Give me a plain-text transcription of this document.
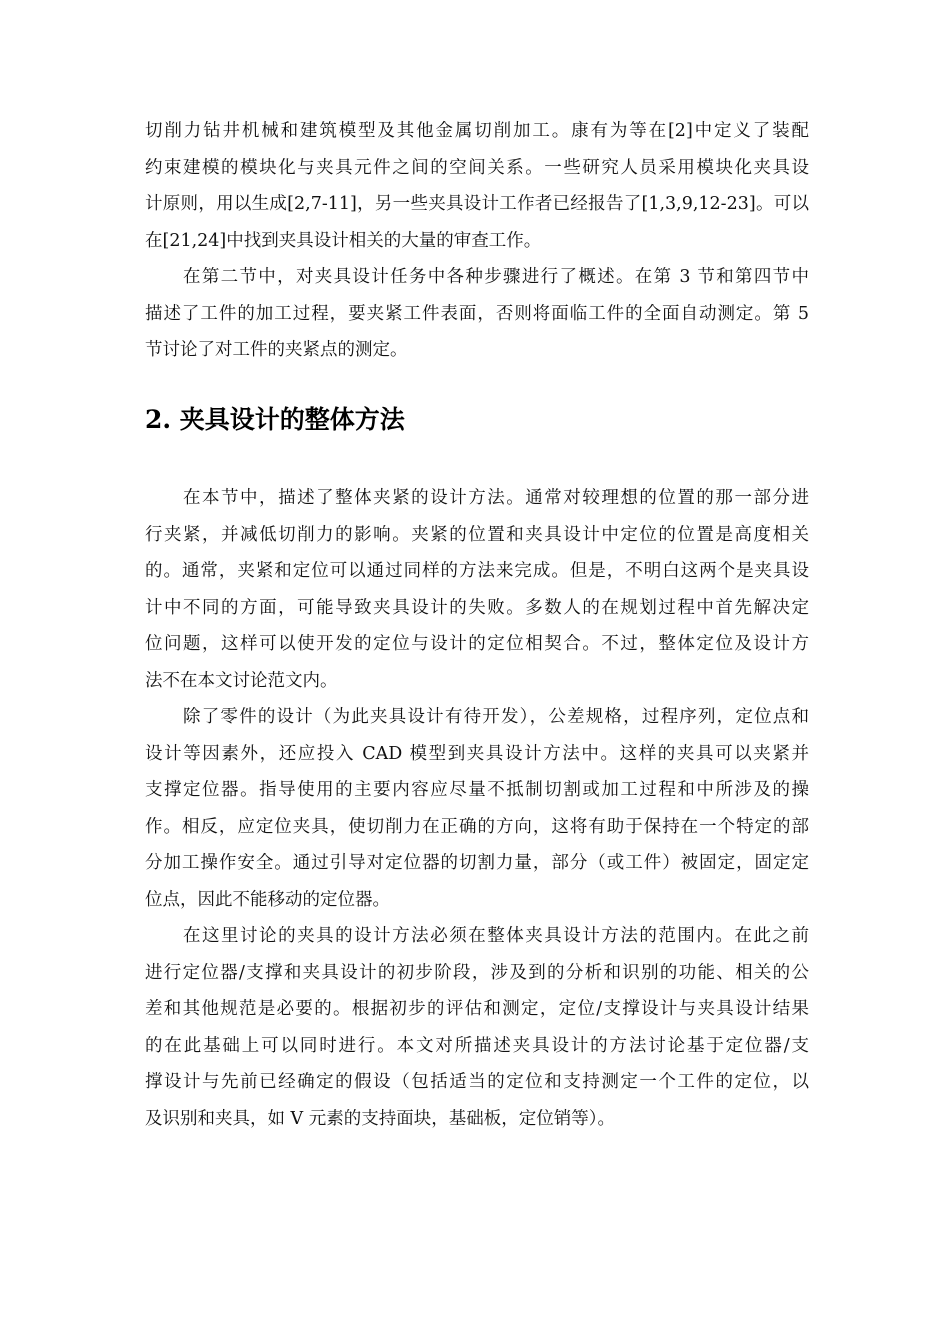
切削力钻井机械和建筑模型及其他金属切削加工。康有为等在[2]中定义了装配
约束建模的模块化与夹具元件之间的空间关系。一些研究人员采用模块化夹具设
计原则，用以生成[2,7-11]，另一些夹具设计工作者已经报告了[1,3,9,12-23]。可以
在[21,24]中找到夹具设计相关的大量的审查工作。
在第二节中，对夹具设计任务中各种步骤进行了概述。在第 3 节和第四节中
描述了工件的加工过程，要夹紧工件表面，否则将面临工件的全面自动测定。第 5
节讨论了对工件的夹紧点的测定。
2. 夹具设计的整体方法
在本节中，描述了整体夹紧的设计方法。通常对较理想的位置的那一部分进
行夹紧，并减低切削力的影响。夹紧的位置和夹具设计中定位的位置是高度相关
的。通常，夹紧和定位可以通过同样的方法来完成。但是，不明白这两个是夹具设
计中不同的方面，可能导致夹具设计的失败。多数人的在规划过程中首先解决定
位问题，这样可以使开发的定位与设计的定位相契合。不过，整体定位及设计方
法不在本文讨论范文内。
除了零件的设计（为此夹具设计有待开发），公差规格，过程序列，定位点和
设计等因素外，还应投入 CAD 模型到夹具设计方法中。这样的夹具可以夹紧并
支撑定位器。指导使用的主要内容应尽量不抵制切割或加工过程和中所涉及的操
作。相反，应定位夹具，使切削力在正确的方向，这将有助于保持在一个特定的部
分加工操作安全。通过引导对定位器的切割力量，部分（或工件）被固定，固定定
位点，因此不能移动的定位器。
在这里讨论的夹具的设计方法必须在整体夹具设计方法的范围内。在此之前
进行定位器/支撑和夹具设计的初步阶段，涉及到的分析和识别的功能、相关的公
差和其他规范是必要的。根据初步的评估和测定，定位/支撑设计与夹具设计结果
的在此基础上可以同时进行。本文对所描述夹具设计的方法讨论基于定位器/支
撑设计与先前已经确定的假设（包括适当的定位和支持测定一个工件的定位，以
及识别和夹具，如 V 元素的支持面块，基础板，定位销等）。
